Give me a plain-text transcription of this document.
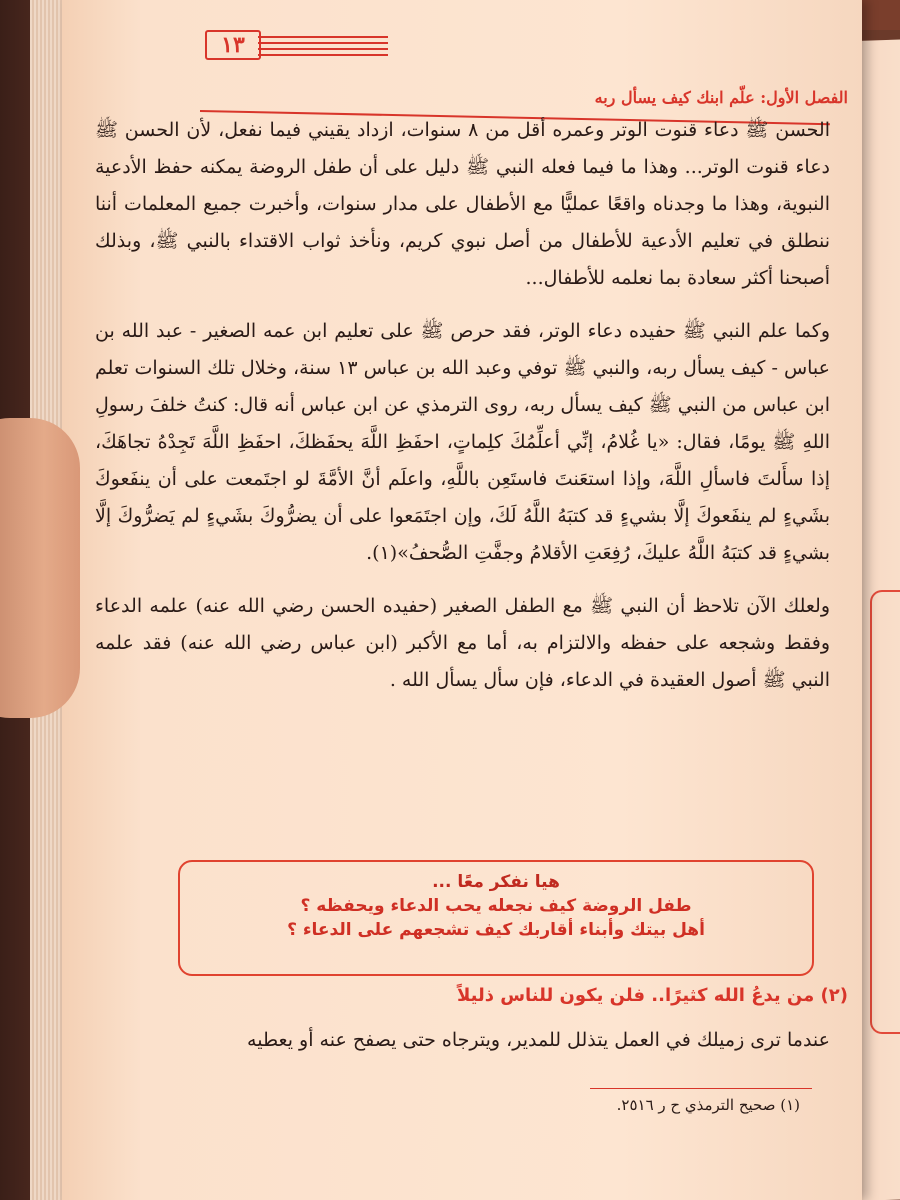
١٣
الفصل الأول: علّم ابنك كيف يسأل ربه

الحسن ﷺ دعاء قنوت الوتر وعمره أقل من ٨ سنوات، ازداد يقيني فيما نفعل، لأن الحسن ﷺ دعاء قنوت الوتر... وهذا ما فيما فعله النبي ﷺ دليل على أن طفل الروضة يمكنه حفظ الأدعية النبوية، وهذا ما وجدناه واقعًا عمليًّا مع الأطفال على مدار سنوات، وأخبرت جميع المعلمات أننا ننطلق في تعليم الأدعية للأطفال من أصل نبوي كريم، ونأخذ ثواب الاقتداء بالنبي ﷺ، وبذلك أصبحنا أكثر سعادة بما نعلمه للأطفال...

وكما علم النبي ﷺ حفيده دعاء الوتر، فقد حرص ﷺ على تعليم ابن عمه الصغير - عبد الله بن عباس - كيف يسأل ربه، والنبي ﷺ توفي وعبد الله بن عباس ١٣ سنة، وخلال تلك السنوات تعلم ابن عباس من النبي ﷺ كيف يسأل ربه، روى الترمذي عن ابن عباس أنه قال: كنتُ خلفَ رسولِ اللهِ ﷺ يومًا، فقال: «يا غُلامُ، إنِّي أعلِّمُكَ كلِماتٍ، احفَظِ اللَّهَ يحفَظكَ، احفَظِ اللَّهَ تَجِدْهُ تجاهَكَ، إذا سأَلتَ فاسألِ اللَّهَ، وإذا استعَنتَ فاستَعِن باللَّهِ، واعلَم أنَّ الأمَّةَ لو اجتَمعت على أن ينفَعوكَ بشَيءٍ لم ينفَعوكَ إلَّا بشيءٍ قد كتبَهُ اللَّهُ لَكَ، وإن اجتَمَعوا على أن يضرُّوكَ بشَيءٍ لم يَضرُّوكَ إلَّا بشيءٍ قد كتبَهُ اللَّهُ عليكَ، رُفِعَتِ الأقلامُ وجفَّتِ الصُّحفُ»(١).

ولعلك الآن تلاحظ أن النبي ﷺ مع الطفل الصغير (حفيده الحسن رضي الله عنه) علمه الدعاء وفقط وشجعه على حفظه والالتزام به، أما مع الأكبر (ابن عباس رضي الله عنه) فقد علمه النبي ﷺ أصول العقيدة في الدعاء، فإن سأل يسأل الله .

هيا نفكر معًا ...
طفل الروضة كيف نجعله يحب الدعاء ويحفظه ؟
أهل بيتك وأبناء أقاربك كيف تشجعهم على الدعاء ؟
(٢) من يدعُ الله كثيرًا.. فلن يكون للناس ذليلاً
عندما ترى زميلك في العمل يتذلل للمدير، ويترجاه حتى يصفح عنه أو يعطيه
(١) صحيح الترمذي ح ر ٢٥١٦.
